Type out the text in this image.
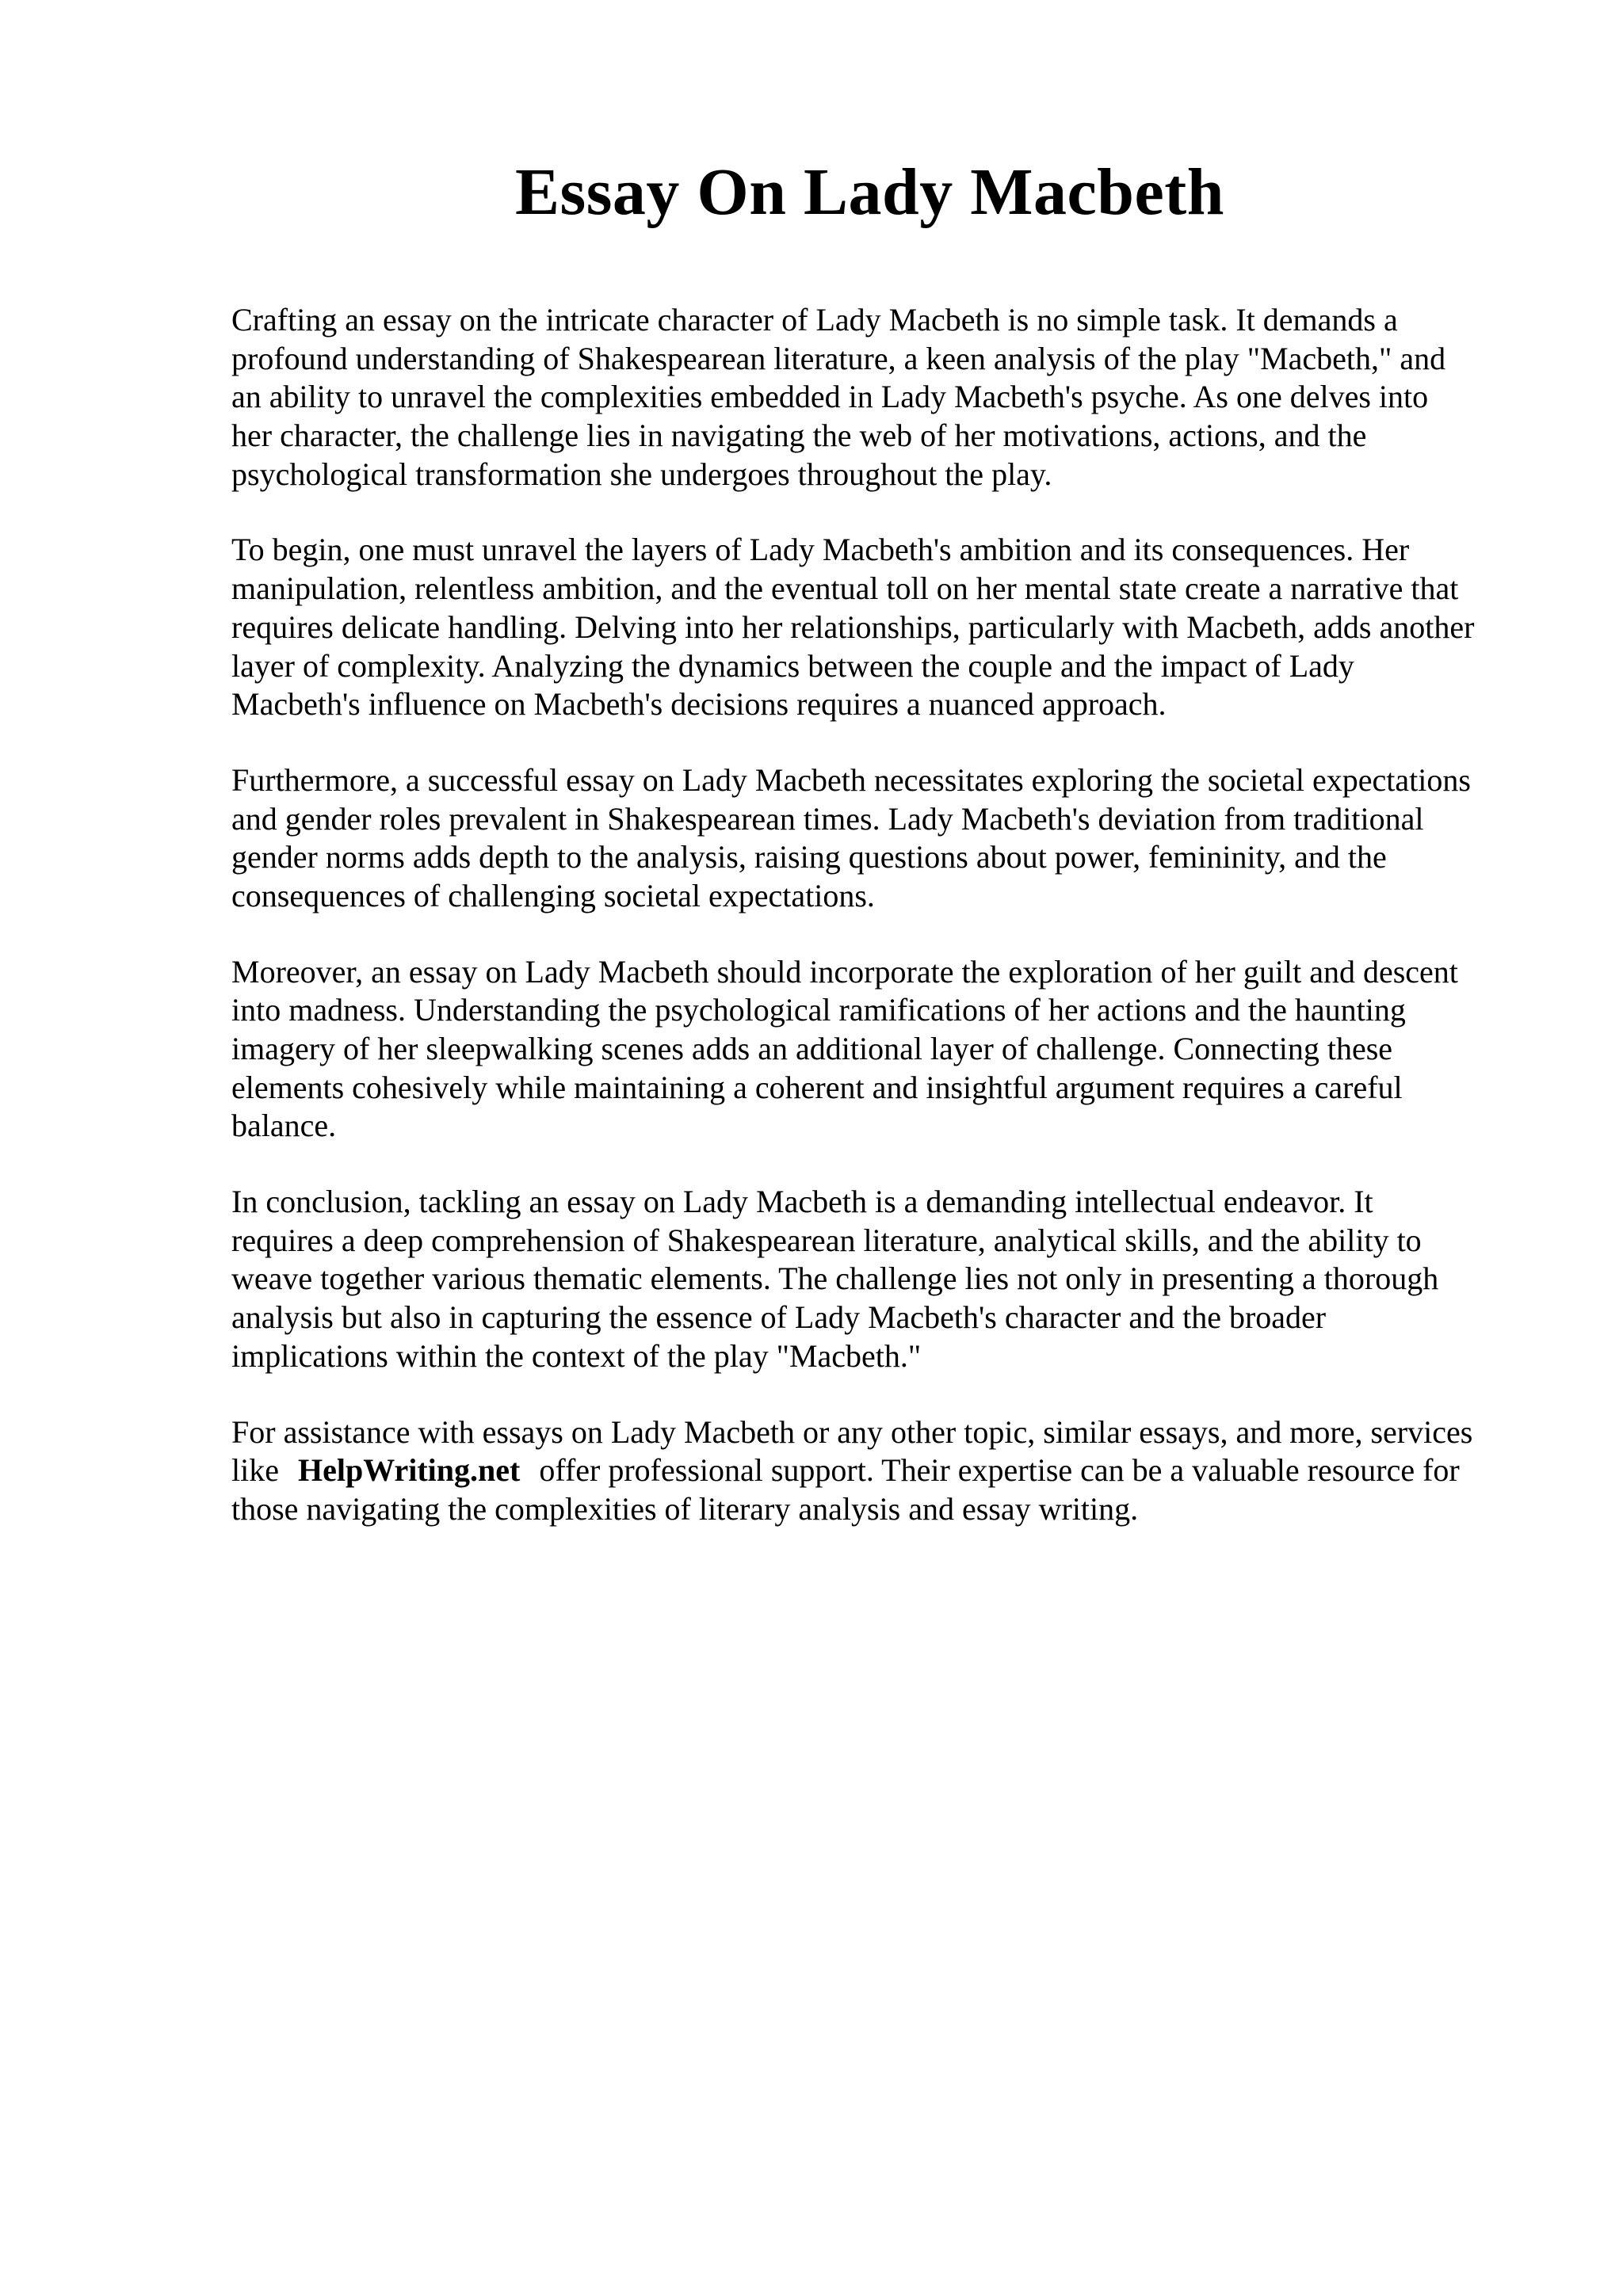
Essay On Lady Macbeth

Crafting an essay on the intricate character of Lady Macbeth is no simple task. It demands a
profound understanding of Shakespearean literature, a keen analysis of the play "Macbeth," and
an ability to unravel the complexities embedded in Lady Macbeth's psyche. As one delves into
her character, the challenge lies in navigating the web of her motivations, actions, and the
psychological transformation she undergoes throughout the play.

To begin, one must unravel the layers of Lady Macbeth's ambition and its consequences. Her
manipulation, relentless ambition, and the eventual toll on her mental state create a narrative that
requires delicate handling. Delving into her relationships, particularly with Macbeth, adds another
layer of complexity. Analyzing the dynamics between the couple and the impact of Lady
Macbeth's influence on Macbeth's decisions requires a nuanced approach.

Furthermore, a successful essay on Lady Macbeth necessitates exploring the societal expectations
and gender roles prevalent in Shakespearean times. Lady Macbeth's deviation from traditional
gender norms adds depth to the analysis, raising questions about power, femininity, and the
consequences of challenging societal expectations.

Moreover, an essay on Lady Macbeth should incorporate the exploration of her guilt and descent
into madness. Understanding the psychological ramifications of her actions and the haunting
imagery of her sleepwalking scenes adds an additional layer of challenge. Connecting these
elements cohesively while maintaining a coherent and insightful argument requires a careful
balance.

In conclusion, tackling an essay on Lady Macbeth is a demanding intellectual endeavor. It
requires a deep comprehension of Shakespearean literature, analytical skills, and the ability to
weave together various thematic elements. The challenge lies not only in presenting a thorough
analysis but also in capturing the essence of Lady Macbeth's character and the broader
implications within the context of the play "Macbeth."

For assistance with essays on Lady Macbeth or any other topic, similar essays, and more, services
like HelpWriting.net offer professional support. Their expertise can be a valuable resource for
those navigating the complexities of literary analysis and essay writing.
